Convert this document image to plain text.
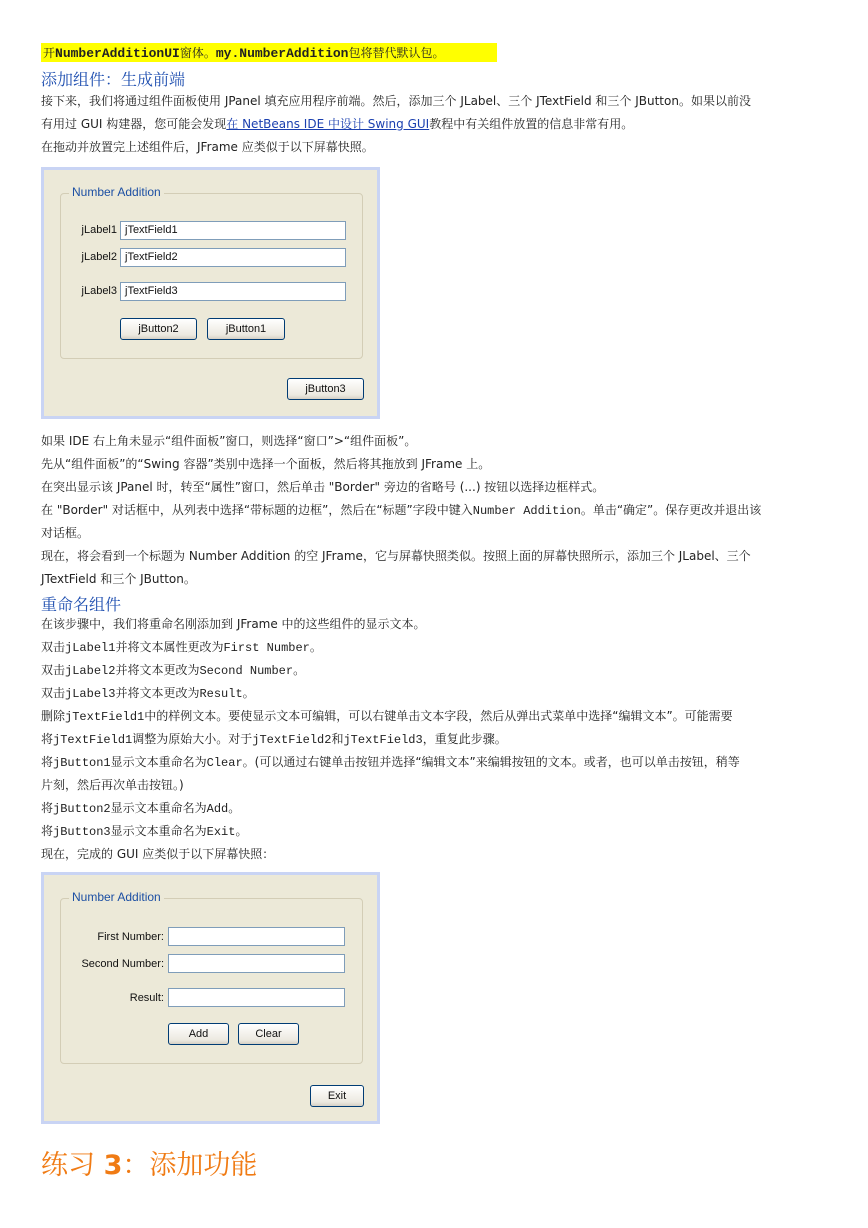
开NumberAdditionUI窗体。my.NumberAddition包将替代默认包。
添加组件：生成前端
接下来，我们将通过组件面板使用 JPanel 填充应用程序前端。然后，添加三个 JLabel、三个 JTextField 和三个 JButton。如果以前没
有用过 GUI 构建器，您可能会发现在 NetBeans IDE 中设计 Swing GUI教程中有关组件放置的信息非常有用。
在拖动并放置完上述组件后，JFrame 应类似于以下屏幕快照。
Number Addition
jLabel1 jTextField1
jLabel2 jTextField2
jLabel3 jTextField3
jButton2	jButton1
jButton3
如果 IDE 右上角未显示“组件面板”窗口，则选择“窗口”>“组件面板”。
先从“组件面板”的“Swing 容器”类别中选择一个面板，然后将其拖放到 JFrame 上。
在突出显示该 JPanel 时，转至“属性”窗口，然后单击 "Border" 旁边的省略号 (...) 按钮以选择边框样式。
在 "Border" 对话框中，从列表中选择“带标题的边框”，然后在“标题”字段中键入Number Addition。单击“确定”。保存更改并退出该
对话框。
现在，将会看到一个标题为 Number Addition 的空 JFrame，它与屏幕快照类似。按照上面的屏幕快照所示，添加三个 JLabel、三个
JTextField 和三个 JButton。
重命名组件
在该步骤中，我们将重命名刚添加到 JFrame 中的这些组件的显示文本。
双击jLabel1并将文本属性更改为First Number。
双击jLabel2并将文本更改为Second Number。
双击jLabel3并将文本更改为Result。
删除jTextField1中的样例文本。要使显示文本可编辑，可以右键单击文本字段，然后从弹出式菜单中选择“编辑文本”。可能需要
将jTextField1调整为原始大小。对于jTextField2和jTextField3，重复此步骤。
将jButton1显示文本重命名为Clear。(可以通过右键单击按钮并选择“编辑文本”来编辑按钮的文本。或者，也可以单击按钮，稍等
片刻，然后再次单击按钮。)
将jButton2显示文本重命名为Add。
将jButton3显示文本重命名为Exit。
现在，完成的 GUI 应类似于以下屏幕快照：
Number Addition
First Number:
Second Number:
Result:
Add	Clear
Exit
练习 3：添加功能
